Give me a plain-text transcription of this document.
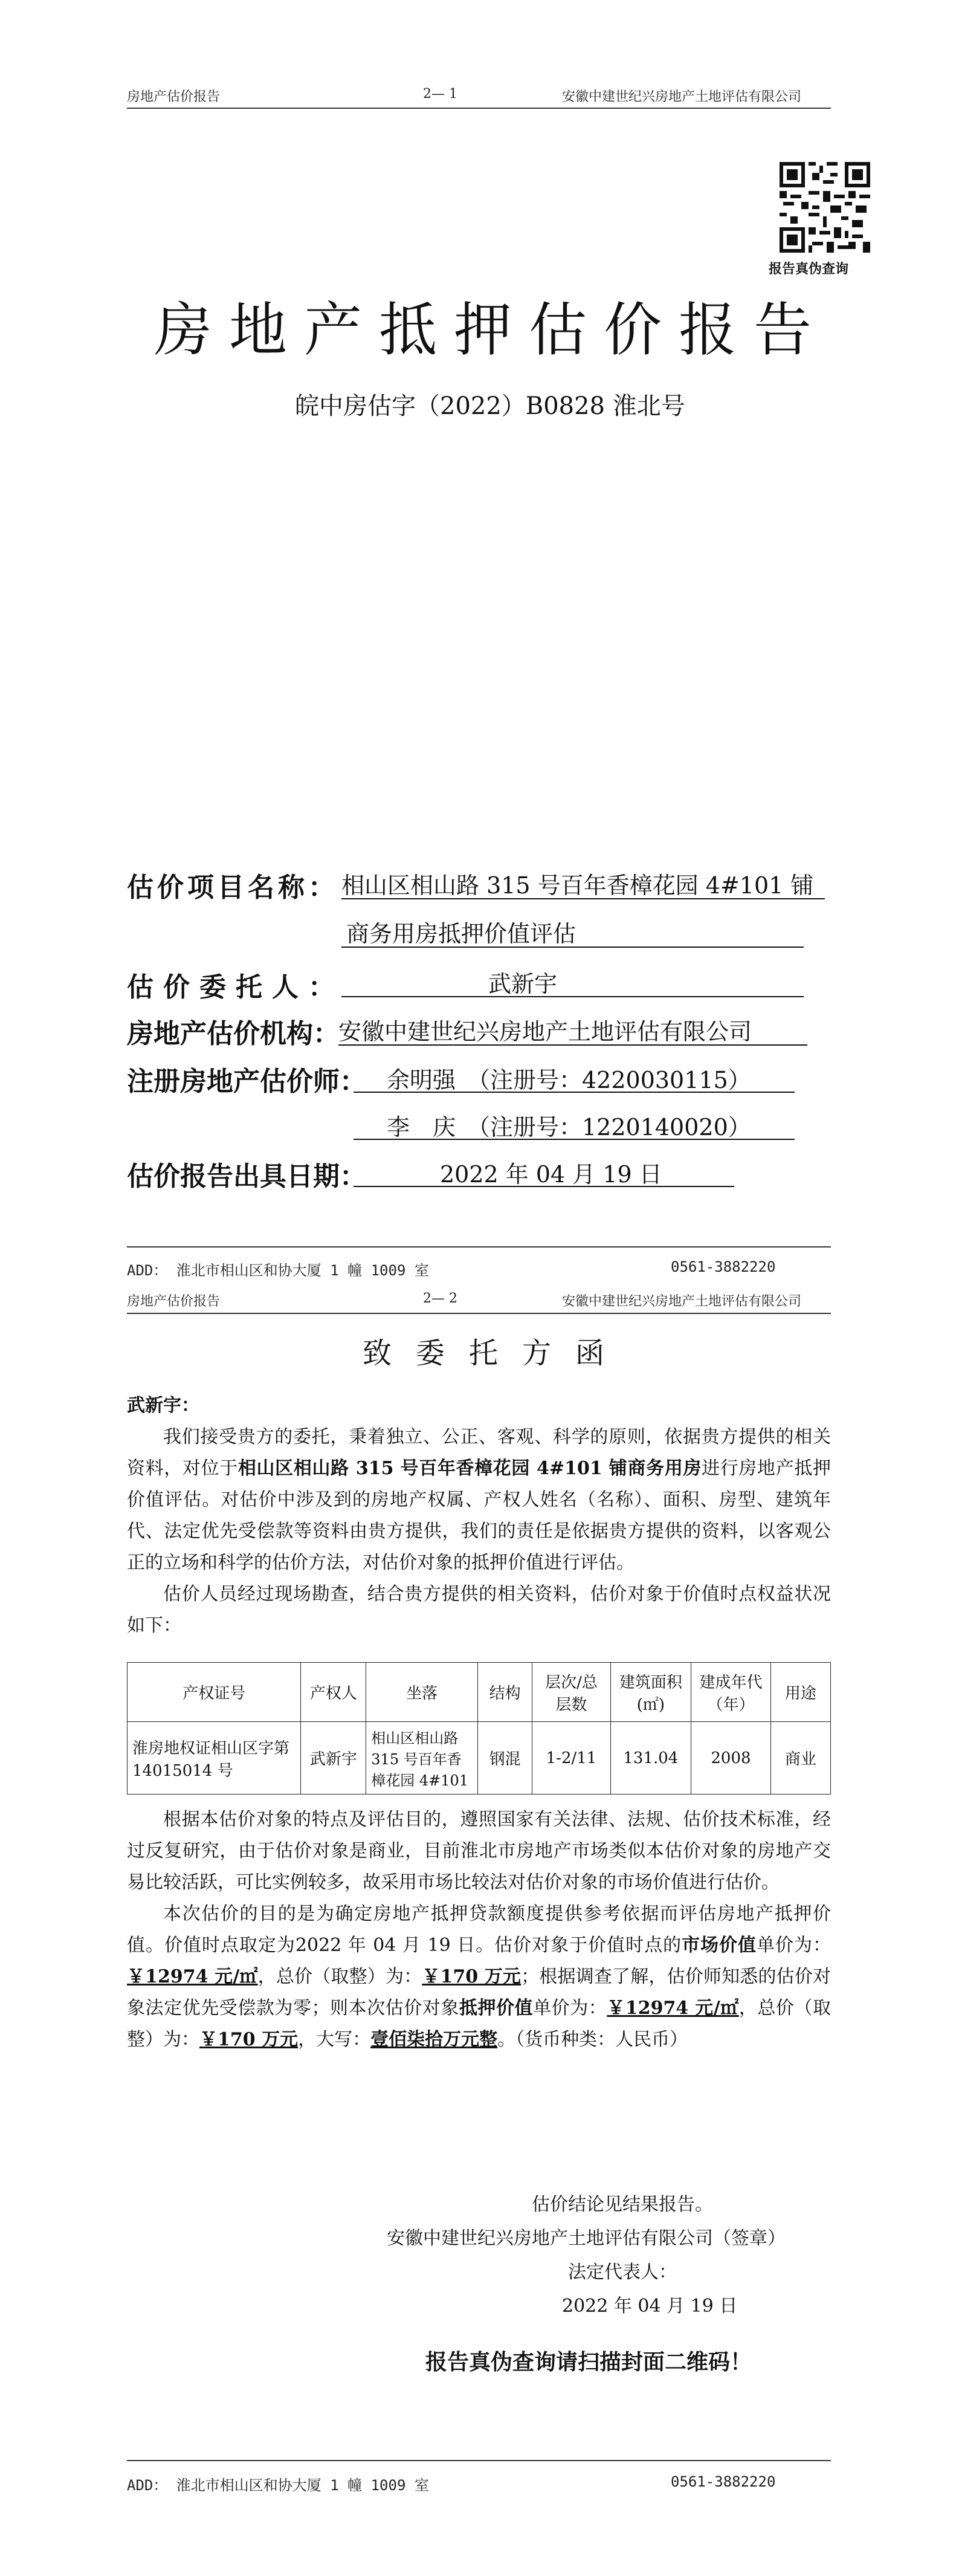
房地产估价报告	2— 1	安徽中建世纪兴房地产土地评估有限公司
报告真伪查询
房地产抵押估价报告
皖中房估字（2022）B0828 淮北号
估价项目名称： 相山区相山路 315 号百年香樟花园 4#101 铺
商务用房抵押价值评估
估价委托人：	武新宇
房地产估价机构：
安徽中建世纪兴房地产土地评估有限公司
注册房地产估价师： 余明强　（注册号：4220030115）
李　庆　（注册号：1220140020）
估价报告出具日期：	2022 年 04 月 19 日
ADD： 淮北市相山区和协大厦 1 幢 1009 室	0561-3882220
房地产估价报告	2— 2	安徽中建世纪兴房地产土地评估有限公司
致委托方函
武新宇：

我们接受贵方的委托，秉着独立、公正、客观、科学的原则，依据贵方提供的相关资料，对位于相山区相山路 315 号百年香樟花园 4#101 铺商务用房进行房地产抵押价值评估。对估价中涉及到的房地产权属、产权人姓名（名称）、面积、房型、建筑年代、法定优先受偿款等资料由贵方提供，我们的责任是依据贵方提供的资料，以客观公正的立场和科学的估价方法，对估价对象的抵押价值进行评估。

估价人员经过现场勘查，结合贵方提供的相关资料，估价对象于价值时点权益状况如下：

产权证号	产权人	坐落	结构	层次/总层数	建筑面积(㎡)	建成年代（年）	用途
淮房地权证相山区字第 14015014 号	武新宇	相山区相山路 315 号百年香樟花园 4#101	钢混	1-2/11	131.04	2008	商业

根据本估价对象的特点及评估目的，遵照国家有关法律、法规、估价技术标准，经过反复研究，由于估价对象是商业，目前淮北市房地产市场类似本估价对象的房地产交易比较活跃，可比实例较多，故采用市场比较法对估价对象的市场价值进行估价。

本次估价的目的是为确定房地产抵押贷款额度提供参考依据而评估房地产抵押价值。价值时点取定为2022 年 04 月 19 日。估价对象于价值时点的市场价值单价为：￥12974 元/㎡，总价（取整）为：￥170 万元；根据调查了解，估价师知悉的估价对象法定优先受偿款为零；则本次估价对象抵押价值单价为：￥12974 元/㎡，总价（取整）为：￥170 万元，大写：壹佰柒拾万元整。（货币种类：人民币）

估价结论见结果报告。
安徽中建世纪兴房地产土地评估有限公司（签章）
法定代表人：
2022 年 04 月 19 日
报告真伪查询请扫描封面二维码！
ADD： 淮北市相山区和协大厦 1 幢 1009 室	0561-3882220
